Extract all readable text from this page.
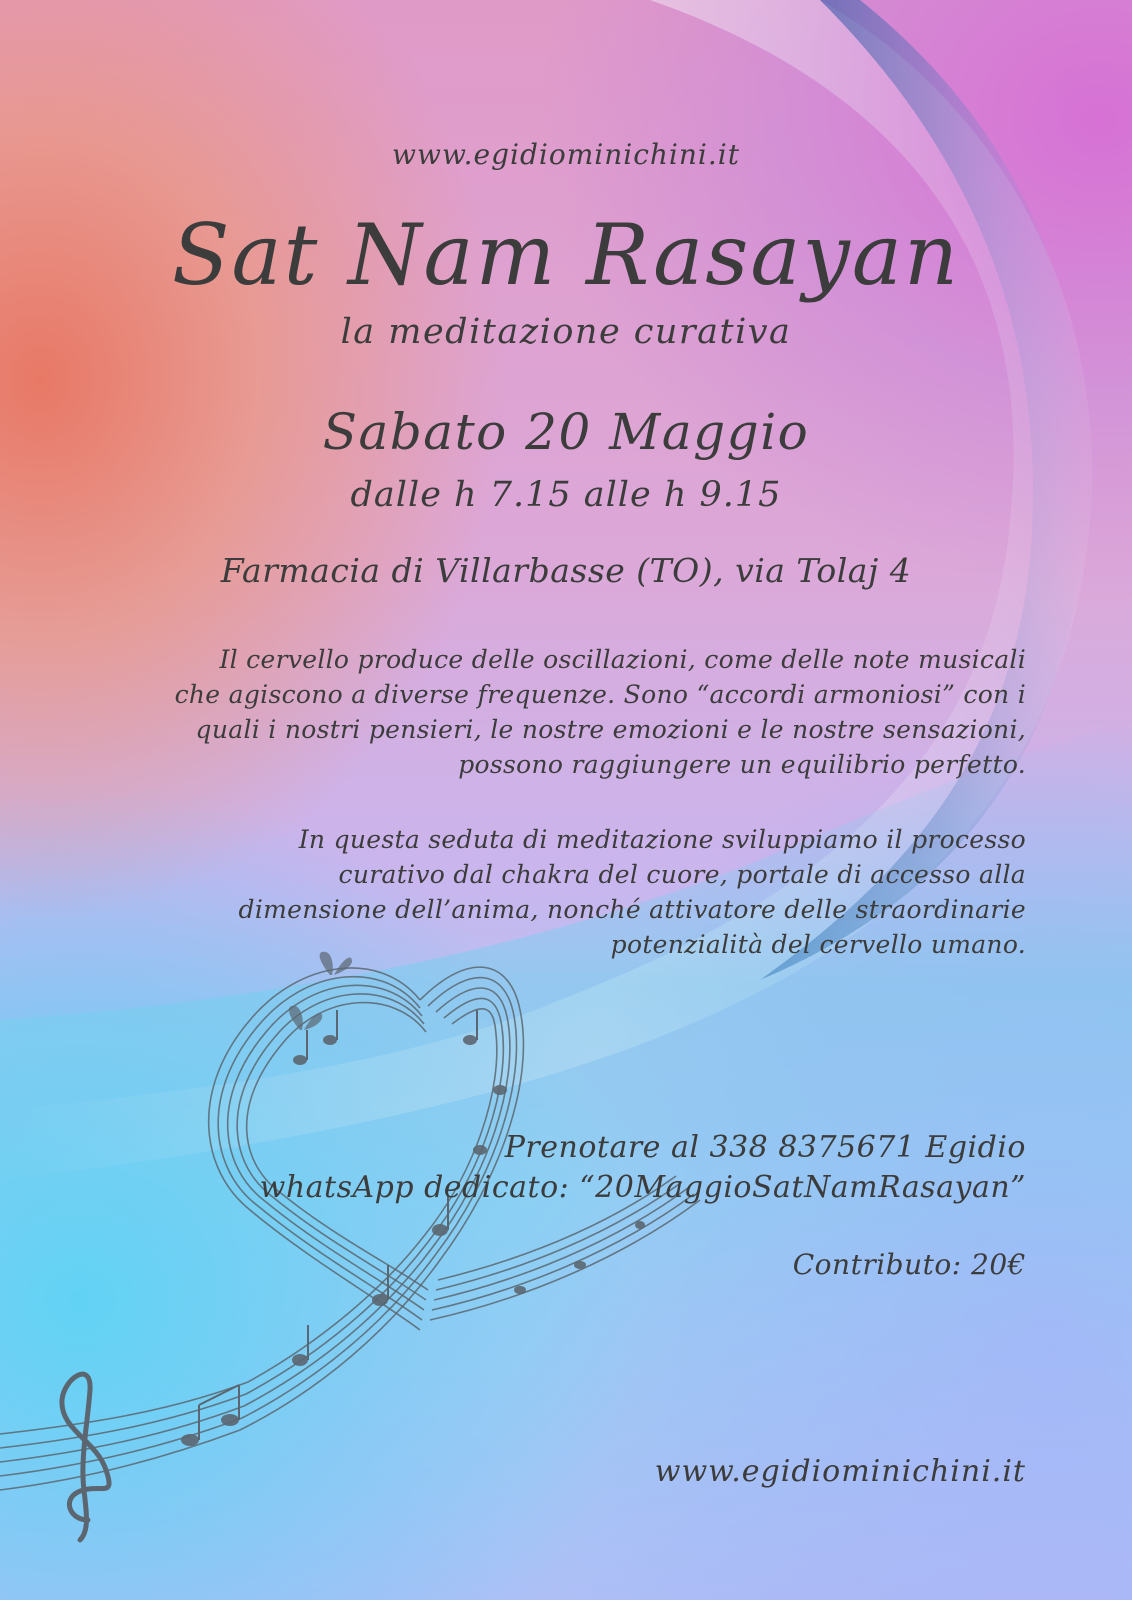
www.egidiominichini.it
Sat Nam Rasayan
la meditazione curativa
Sabato 20 Maggio
dalle h 7.15 alle h 9.15
Farmacia di Villarbasse (TO), via Tolaj 4
Il cervello produce delle oscillazioni, come delle note musicali
che agiscono a diverse frequenze. Sono “accordi armoniosi” con i
quali i nostri pensieri, le nostre emozioni e le nostre sensazioni,
possono raggiungere un equilibrio perfetto.
In questa seduta di meditazione sviluppiamo il processo
curativo dal chakra del cuore, portale di accesso alla
dimensione dell’anima, nonché attivatore delle straordinarie
potenzialità del cervello umano.
Prenotare al 338 8375671 Egidio
whatsApp dedicato: “20MaggioSatNamRasayan”
Contributo: 20€
www.egidiominichini.it
